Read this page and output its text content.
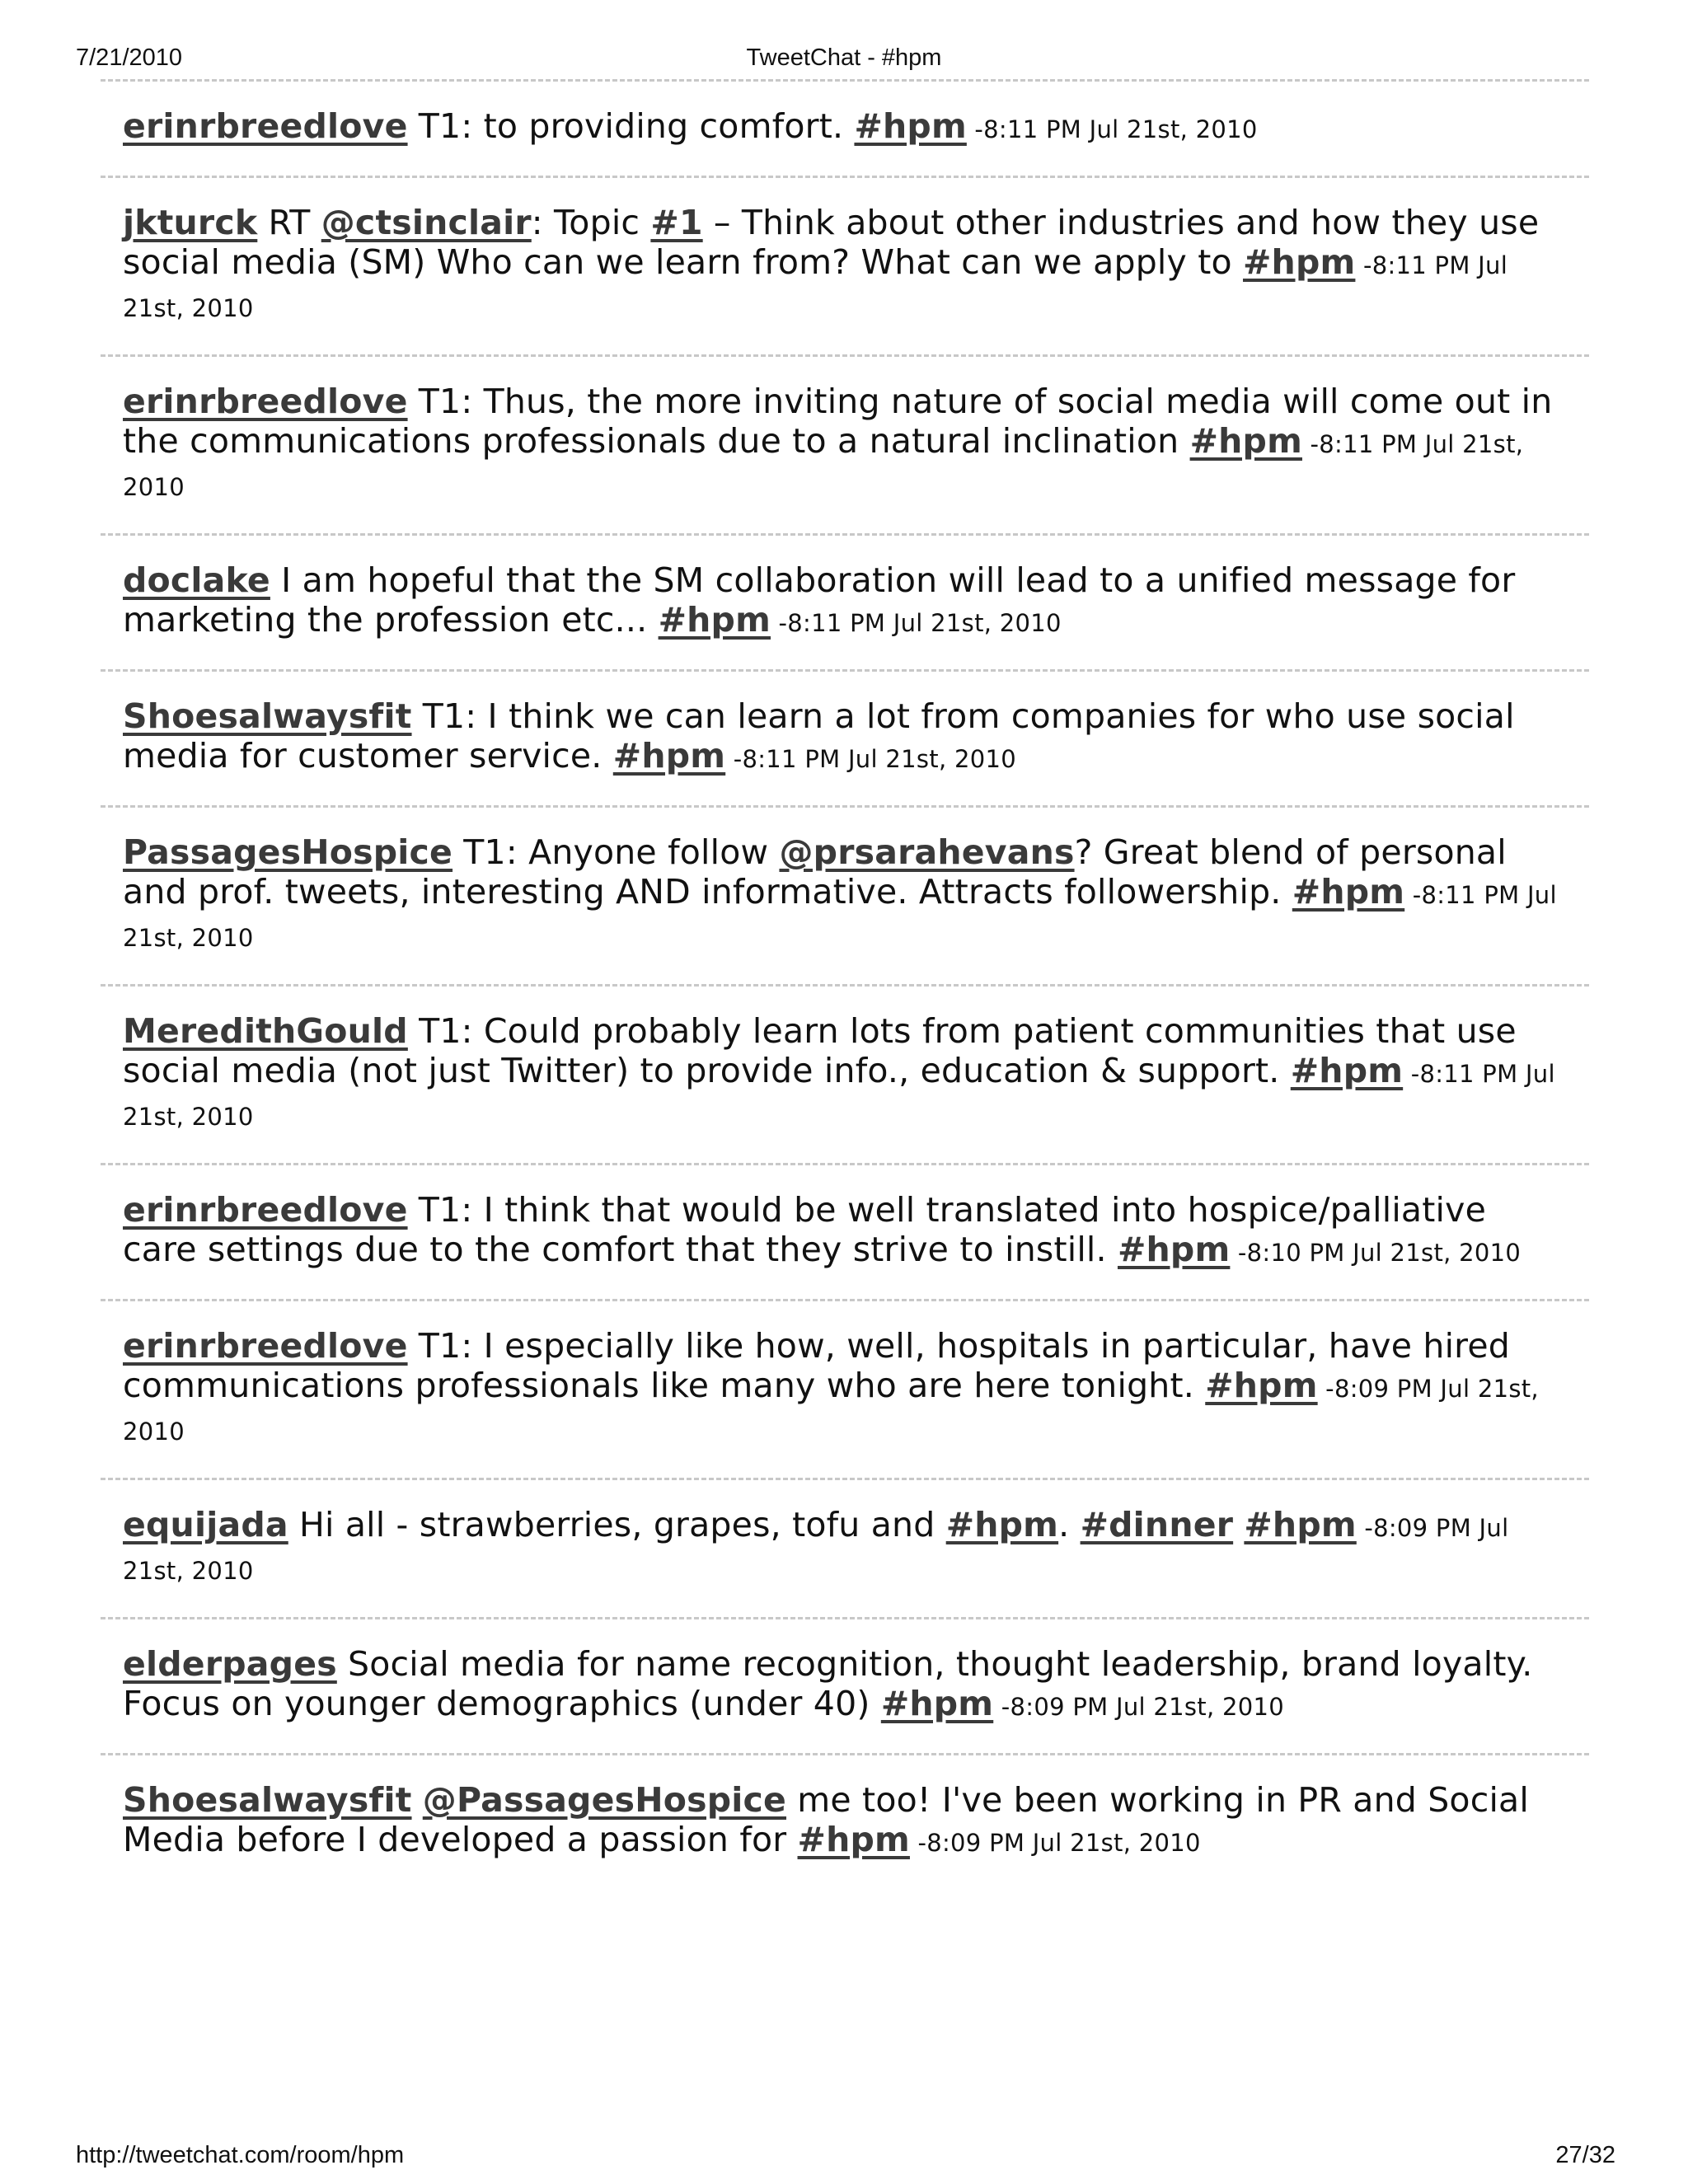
TweetChat - #hpm
7/21/2010
erinrbreedlove T1: to providing comfort. #hpm -8:11 PM Jul 21st, 2010
jkturck RT @ctsinclair: Topic #1 – Think about other industries and how they use social media (SM) Who can we learn from? What can we apply to #hpm -8:11 PM Jul 21st, 2010
erinrbreedlove T1: Thus, the more inviting nature of social media will come out in the communications professionals due to a natural inclination #hpm -8:11 PM Jul 21st, 2010
doclake I am hopeful that the SM collaboration will lead to a unified message for marketing the profession etc... #hpm -8:11 PM Jul 21st, 2010
Shoesalwaysfit T1: I think we can learn a lot from companies for who use social media for customer service. #hpm -8:11 PM Jul 21st, 2010
PassagesHospice T1: Anyone follow @prsarahevans? Great blend of personal and prof. tweets, interesting AND informative. Attracts followership. #hpm -8:11 PM Jul 21st, 2010
MeredithGould T1: Could probably learn lots from patient communities that use social media (not just Twitter) to provide info., education & support. #hpm -8:11 PM Jul 21st, 2010
erinrbreedlove T1: I think that would be well translated into hospice/palliative care settings due to the comfort that they strive to instill. #hpm -8:10 PM Jul 21st, 2010
erinrbreedlove T1: I especially like how, well, hospitals in particular, have hired communications professionals like many who are here tonight. #hpm -8:09 PM Jul 21st, 2010
equijada Hi all - strawberries, grapes, tofu and #hpm. #dinner #hpm -8:09 PM Jul 21st, 2010
elderpages Social media for name recognition, thought leadership, brand loyalty. Focus on younger demographics (under 40) #hpm -8:09 PM Jul 21st, 2010
Shoesalwaysfit @PassagesHospice me too! I've been working in PR and Social Media before I developed a passion for #hpm -8:09 PM Jul 21st, 2010
http://tweetchat.com/room/hpm	27/32
